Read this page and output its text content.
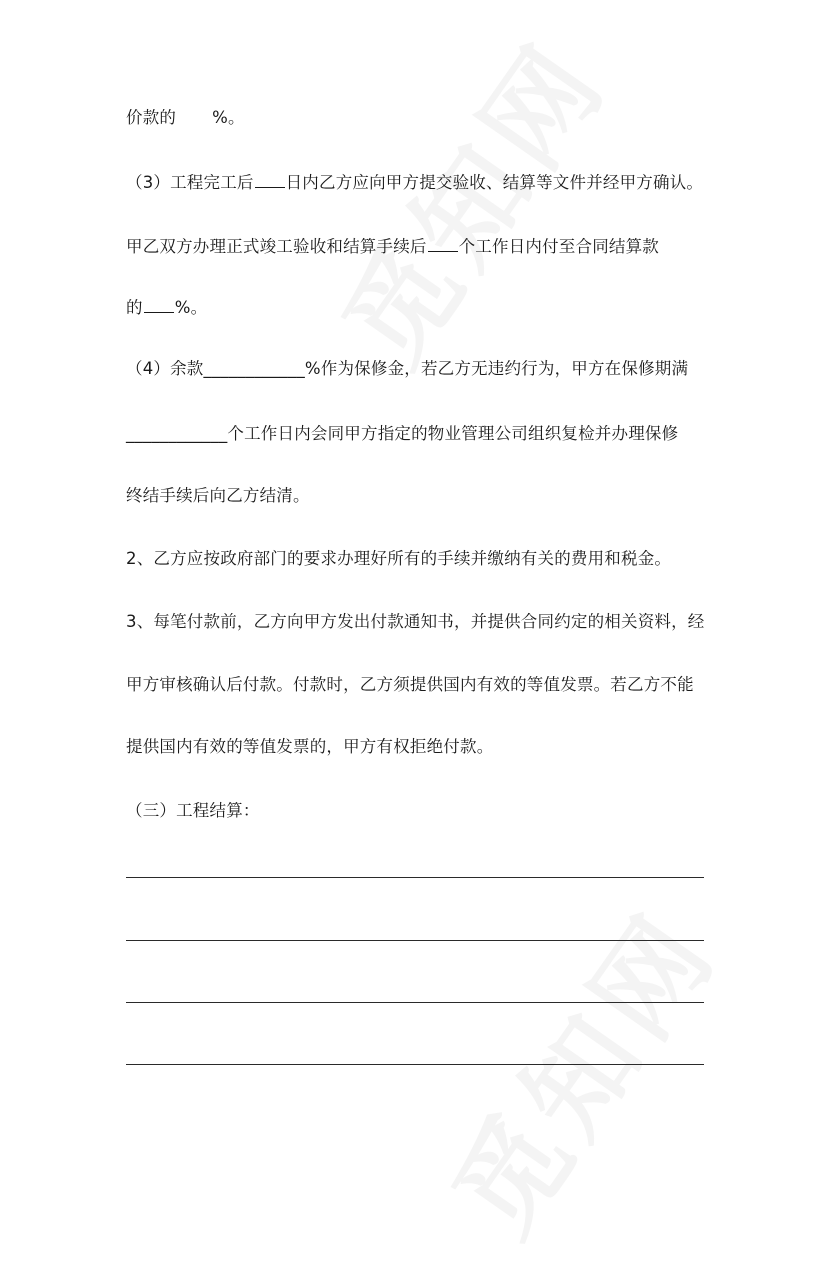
价款的 %。
（3）工程完工后 日内乙方应向甲方提交验收、结算等文件并经甲方确认。
甲乙双方办理正式竣工验收和结算手续后 个工作日内付至合同结算款
的 %。
（4）余款____________%作为保修金，若乙方无违约行为，甲方在保修期满
____________个工作日内会同甲方指定的物业管理公司组织复检并办理保修
终结手续后向乙方结清。
2、乙方应按政府部门的要求办理好所有的手续并缴纳有关的费用和税金。
3、每笔付款前，乙方向甲方发出付款通知书，并提供合同约定的相关资料，经
甲方审核确认后付款。付款时，乙方须提供国内有效的等值发票。若乙方不能
提供国内有效的等值发票的，甲方有权拒绝付款。
（三）工程结算：
